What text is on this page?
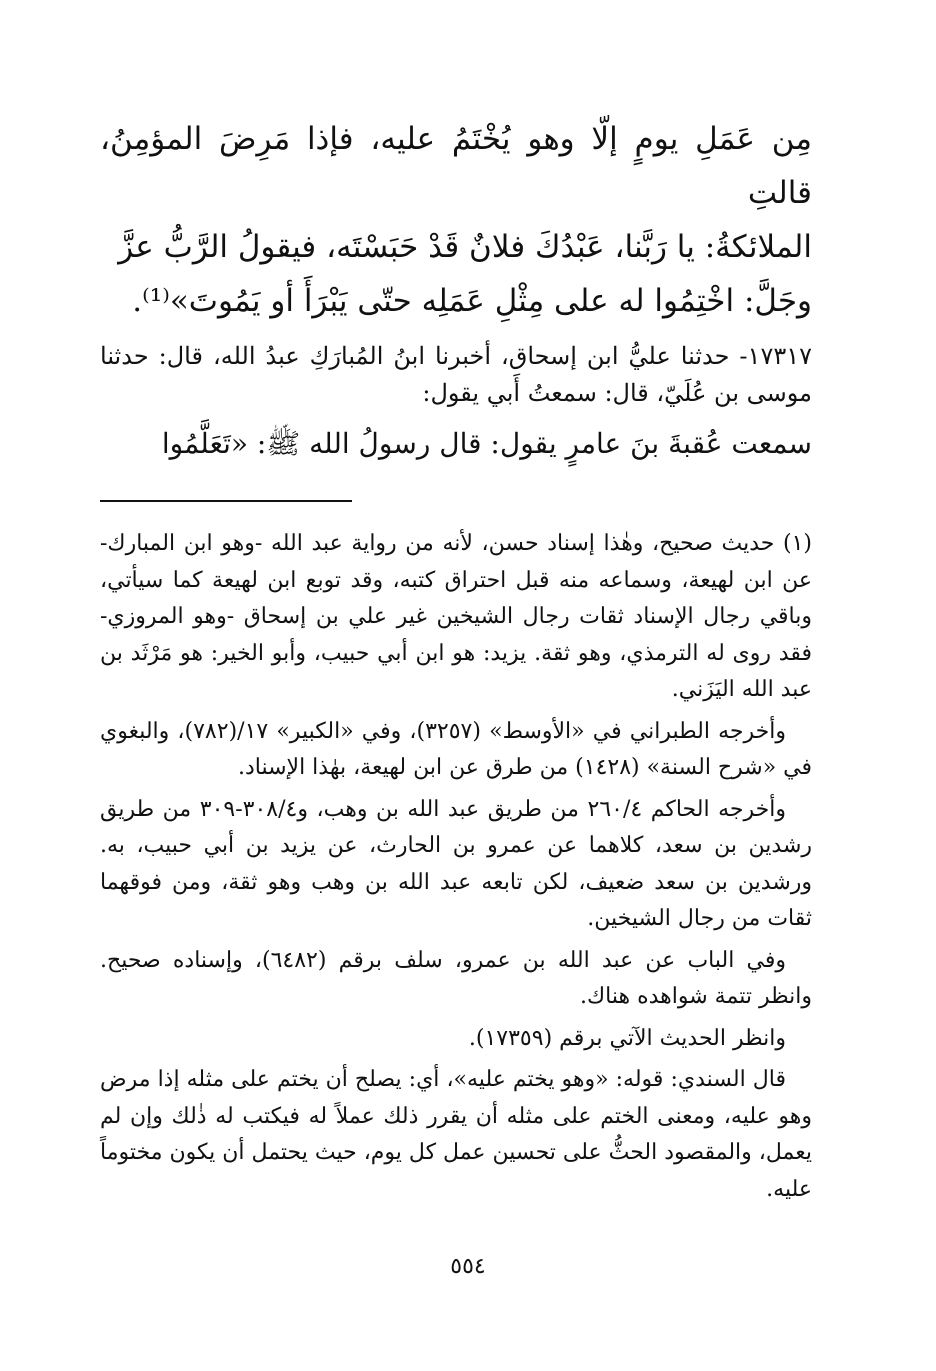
مِن عَمَلِ يومٍ إلّا وهو يُخْتَمُ عليه، فإذا مَرِضَ المؤمِنُ، قالتِ

الملائكةُ: يا رَبَّنا، عَبْدُكَ فلانٌ قَدْ حَبَسْتَه، فيقولُ الرَّبُّ عزَّ

وجَلَّ: اخْتِمُوا له على مِثْلِ عَمَلِه حتّى يَبْرَأَ أو يَمُوتَ»⁽¹⁾.

١٧٣١٧- حدثنا عليُّ ابن إسحاق، أخبرنا ابنُ المُبارَكِ عبدُ الله، قال: حدثنا موسى بن عُلَيّ، قال: سمعتُ أَبي يقول:

سمعت عُقبةَ بنَ عامرٍ يقول: قال رسولُ الله ﷺ: «تَعَلَّمُوا

(١) حديث صحيح، وهٰذا إسناد حسن، لأنه من رواية عبد الله -وهو ابن المبارك- عن ابن لهيعة، وسماعه منه قبل احتراق كتبه، وقد توبع ابن لهيعة كما سيأتي، وباقي رجال الإسناد ثقات رجال الشيخين غير علي بن إسحاق -وهو المروزي- فقد روى له الترمذي، وهو ثقة. يزيد: هو ابن أبي حبيب، وأبو الخير: هو مَرْثَد بن عبد الله اليَزَني.

وأخرجه الطبراني في «الأوسط» (٣٢٥٧)، وفي «الكبير» ١٧/(٧٨٢)، والبغوي في «شرح السنة» (١٤٢٨) من طرق عن ابن لهيعة، بهٰذا الإسناد.

وأخرجه الحاكم ٢٦٠/٤ من طريق عبد الله بن وهب، و٣٠٨/٤-٣٠٩ من طريق رشدين بن سعد، كلاهما عن عمرو بن الحارث، عن يزيد بن أبي حبيب، به. ورشدين بن سعد ضعيف، لكن تابعه عبد الله بن وهب وهو ثقة، ومن فوقهما ثقات من رجال الشيخين.

وفي الباب عن عبد الله بن عمرو، سلف برقم (٦٤٨٢)، وإسناده صحيح. وانظر تتمة شواهده هناك.

وانظر الحديث الآتي برقم (١٧٣٥٩).

قال السندي: قوله: «وهو يختم عليه»، أي: يصلح أن يختم على مثله إذا مرض وهو عليه، ومعنى الختم على مثله أن يقرر ذلك عملاً له فيكتب له ذٰلك وإن لم يعمل، والمقصود الحثُّ على تحسين عمل كل يوم، حيث يحتمل أن يكون مختوماً عليه.

٥٥٤
